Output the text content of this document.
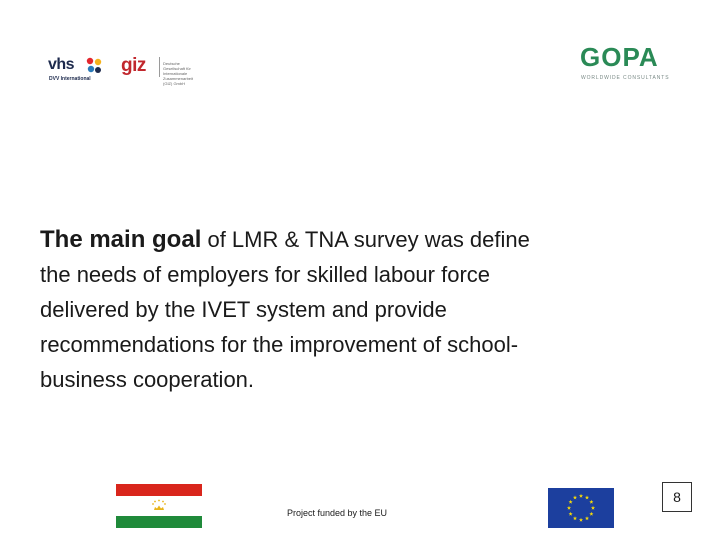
vhs
DVV International
giz	Deutsche Gesellschaft für
Internationale Zusammenarbeit (GIZ) GmbH
GOPA
WORLDWIDE CONSULTANTS
The main goal of LMR & TNA survey was define
the needs of employers for skilled labour force
delivered by the IVET system and provide
recommendations for the improvement of school-
business cooperation.
Project funded by the EU
8
